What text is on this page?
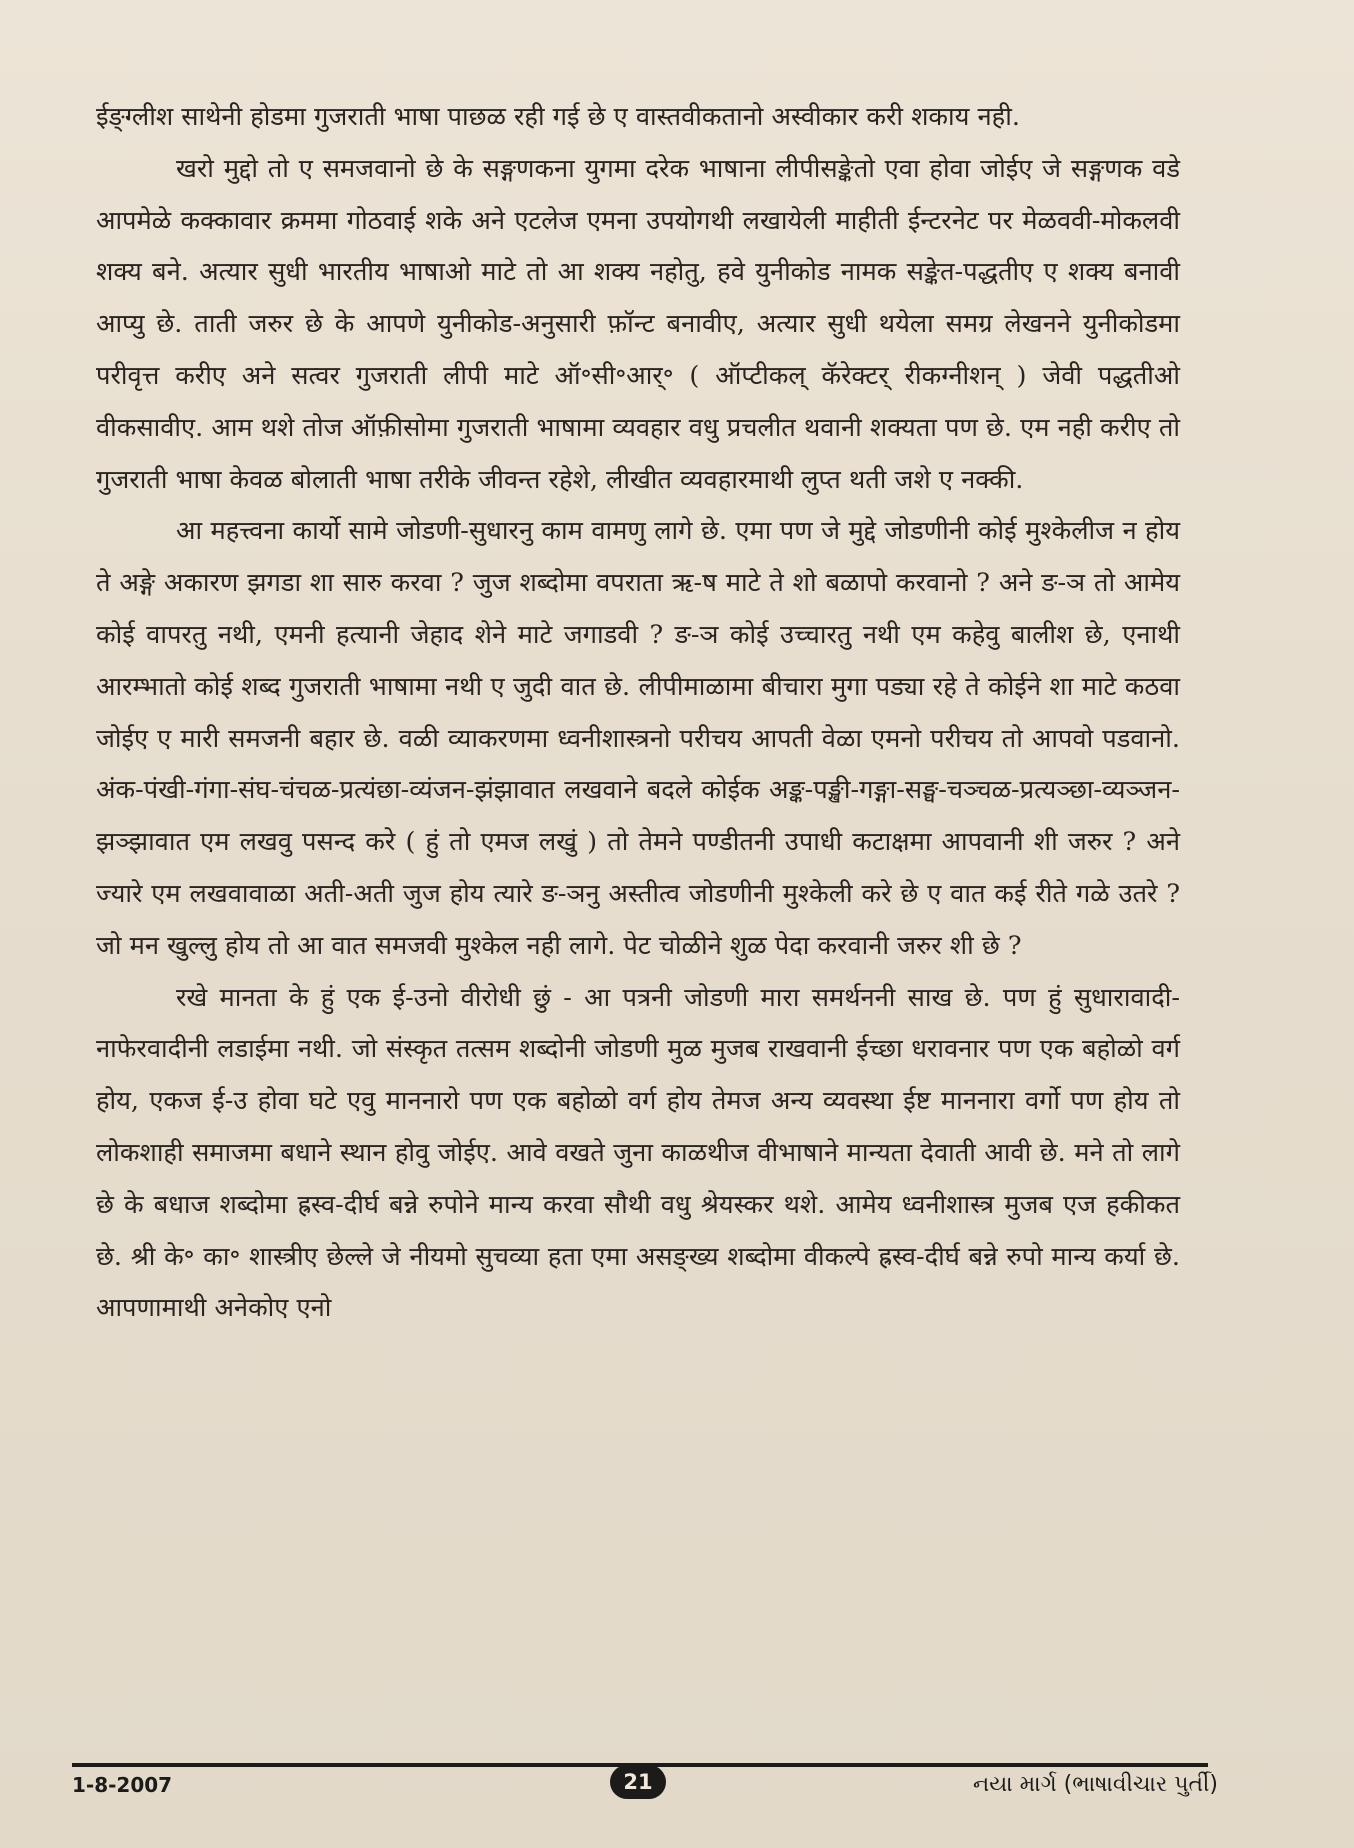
ईङ्ग्लीश साथेनी होडमा गुजराती भाषा पाछळ रही गई छे ए वास्तवीकतानो अस्वीकार करी शकाय नही.

खरो मुद्दो तो ए समजवानो छे के सङ्गणकना युगमा दरेक भाषाना लीपीसङ्केतो एवा होवा जोईए जे सङ्गणक वडे आपमेळे कक्कावार क्रममा गोठवाई शके अने एटलेज एमना उपयोगथी लखायेली माहीती ईन्टरनेट पर मेळववी-मोकलवी शक्य बने. अत्यार सुधी भारतीय भाषाओ माटे तो आ शक्य नहोतु, हवे युनीकोड नामक सङ्केत-पद्धतीए ए शक्य बनावी आप्यु छे. ताती जरुर छे के आपणे युनीकोड-अनुसारी फ़ॉन्ट बनावीए, अत्यार सुधी थयेला समग्र लेखनने युनीकोडमा परीवृत्त करीए अने सत्वर गुजराती लीपी माटे ऑ॰सी॰आर्॰ ( ऑप्टीकल् कॅरेक्टर् रीकग्नीशन् ) जेवी पद्धतीओ वीकसावीए. आम थशे तोज ऑफ़ीसोमा गुजराती भाषामा व्यवहार वधु प्रचलीत थवानी शक्यता पण छे. एम नही करीए तो गुजराती भाषा केवळ बोलाती भाषा तरीके जीवन्त रहेशे, लीखीत व्यवहारमाथी लुप्त थती जशे ए नक्की.

आ महत्त्वना कार्यो सामे जोडणी-सुधारनु काम वामणु लागे छे. एमा पण जे मुद्दे जोडणीनी कोई मुश्केलीज न होय ते अङ्गे अकारण झगडा शा सारु करवा ? जुज शब्दोमा वपराता ऋ-ष माटे ते शो बळापो करवानो ? अने ङ-ञ तो आमेय कोई वापरतु नथी, एमनी हत्यानी जेहाद शेने माटे जगाडवी ? ङ-ञ कोई उच्चारतु नथी एम कहेवु बालीश छे, एनाथी आरम्भातो कोई शब्द गुजराती भाषामा नथी ए जुदी वात छे. लीपीमाळामा बीचारा मुगा पड्या रहे ते कोईने शा माटे कठवा जोईए ए मारी समजनी बहार छे. वळी व्याकरणमा ध्वनीशास्त्रनो परीचय आपती वेळा एमनो परीचय तो आपवो पडवानो. अंक-पंखी-गंगा-संघ-चंचळ-प्रत्यंछा-व्यंजन-झंझावात लखवाने बदले कोईक अङ्क-पङ्खी-गङ्गा-सङ्घ-चञ्चळ-प्रत्यञ्छा-व्यञ्जन-झञ्झावात एम लखवु पसन्द करे ( हुं तो एमज लखुं ) तो तेमने पण्डीतनी उपाधी कटाक्षमा आपवानी शी जरुर ? अने ज्यारे एम लखवावाळा अती-अती जुज होय त्यारे ङ-ञनु अस्तीत्व जोडणीनी मुश्केली करे छे ए वात कई रीते गळे उतरे ? जो मन खुल्लु होय तो आ वात समजवी मुश्केल नही लागे. पेट चोळीने शुळ पेदा करवानी जरुर शी छे ?

रखे मानता के हुं एक ई-उनो वीरोधी छुं - आ पत्रनी जोडणी मारा समर्थननी साख छे. पण हुं सुधारावादी-नाफेरवादीनी लडाईमा नथी. जो संस्कृत तत्सम शब्दोनी जोडणी मुळ मुजब राखवानी ईच्छा धरावनार पण एक बहोळो वर्ग होय, एकज ई-उ होवा घटे एवु माननारो पण एक बहोळो वर्ग होय तेमज अन्य व्यवस्था ईष्ट माननारा वर्गो पण होय तो लोकशाही समाजमा बधाने स्थान होवु जोईए. आवे वखते जुना काळथीज वीभाषाने मान्यता देवाती आवी छे. मने तो लागे छे के बधाज शब्दोमा ह्रस्व-दीर्घ बन्ने रुपोने मान्य करवा सौथी वधु श्रेयस्कर थशे. आमेय ध्वनीशास्त्र मुजब एज हकीकत छे. श्री के॰ का॰ शास्त्रीए छेल्ले जे नीयमो सुचव्या हता एमा असङ्ख्य शब्दोमा वीकल्पे ह्रस्व-दीर्घ बन्ने रुपो मान्य कर्या छे. आपणामाथी अनेकोए एनो

1-8-2007	21	નયા માર્ગ (ભાષાવીચાર પુર્તી)
